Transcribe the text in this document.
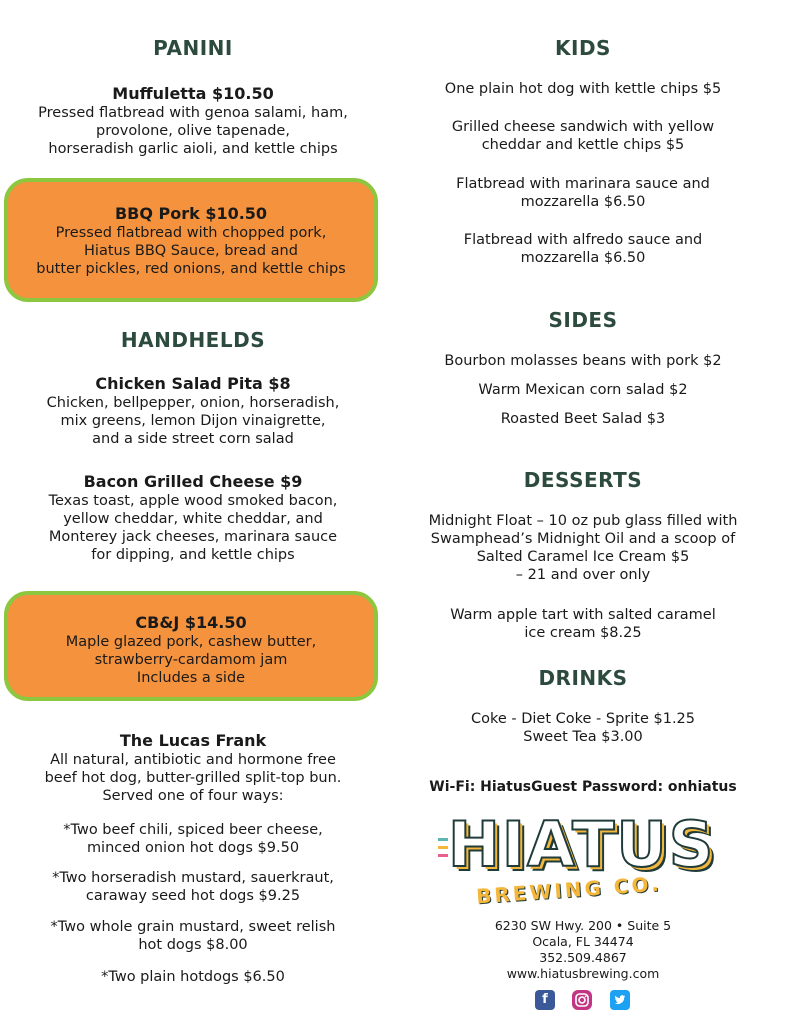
PANINI
Muffuletta $10.50
Pressed flatbread with genoa salami, ham,
provolone, olive tapenade,
horseradish garlic aioli, and kettle chips
BBQ Pork $10.50
Pressed flatbread with chopped pork,
Hiatus BBQ Sauce, bread and
butter pickles, red onions, and kettle chips
HANDHELDS
Chicken Salad Pita $8
Chicken, bellpepper, onion, horseradish,
mix greens, lemon Dijon vinaigrette,
and a side street corn salad
Bacon Grilled Cheese $9
Texas toast, apple wood smoked bacon,
yellow cheddar, white cheddar, and
Monterey jack cheeses, marinara sauce
for dipping, and kettle chips
CB&J $14.50
Maple glazed pork, cashew butter,
strawberry-cardamom jam
Includes a side
The Lucas Frank
All natural, antibiotic and hormone free
beef hot dog, butter-grilled split-top bun.
Served one of four ways:
*Two beef chili, spiced beer cheese,
minced onion hot dogs $9.50
*Two horseradish mustard, sauerkraut,
caraway seed hot dogs $9.25
*Two whole grain mustard, sweet relish
hot dogs $8.00
*Two plain hotdogs $6.50
KIDS
One plain hot dog with kettle chips $5
Grilled cheese sandwich with yellow
cheddar and kettle chips $5
Flatbread with marinara sauce and
mozzarella $6.50
Flatbread with alfredo sauce and
mozzarella $6.50
SIDES
Bourbon molasses beans with pork $2
Warm Mexican corn salad $2
Roasted Beet Salad $3
DESSERTS
Midnight Float – 10 oz pub glass filled with
Swamphead’s Midnight Oil and a scoop of
Salted Caramel Ice Cream $5
– 21 and over only
Warm apple tart with salted caramel
ice cream $8.25
DRINKS
Coke - Diet Coke - Sprite $1.25
Sweet Tea $3.00
Wi-Fi: HiatusGuest Password: onhiatus
HIATUS
BREWING CO.
6230 SW Hwy. 200 • Suite 5
Ocala, FL 34474
352.509.4867
www.hiatusbrewing.com
f
